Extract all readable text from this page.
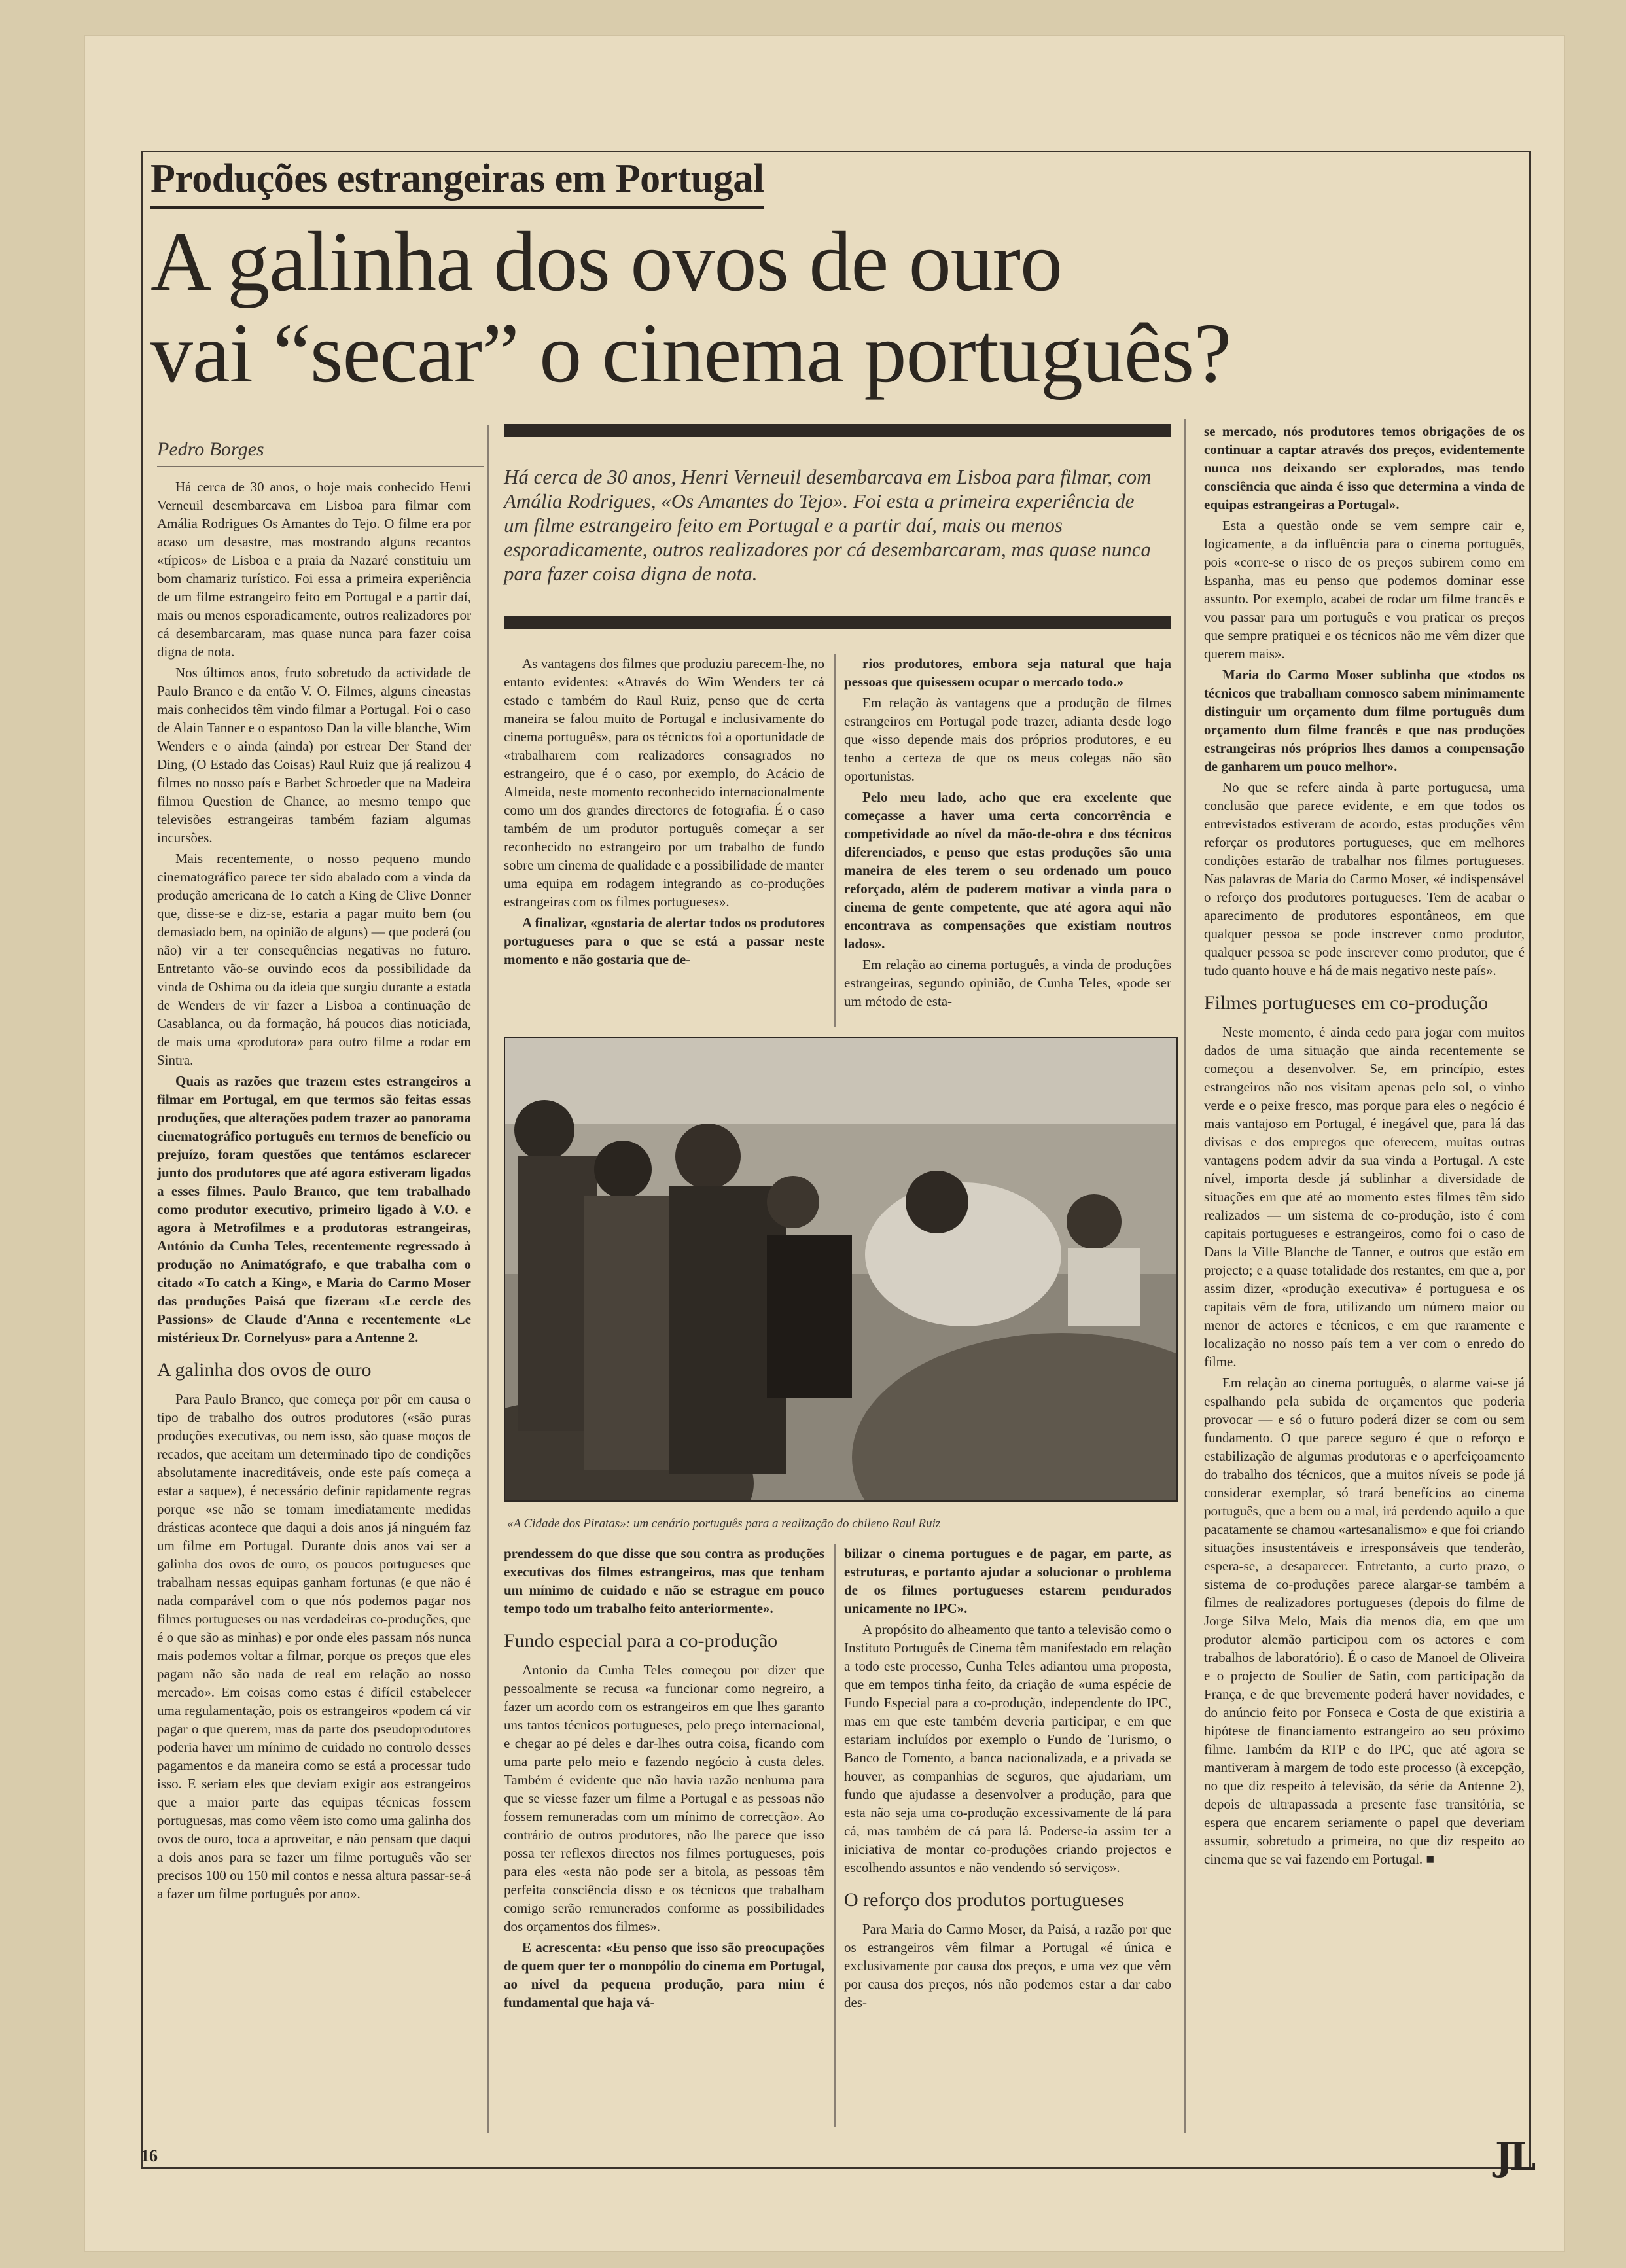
Produções estrangeiras em Portugal
A galinha dos ovos de ouro
vai “secar” o cinema português?
Pedro Borges

Há cerca de 30 anos, o hoje mais conhecido Henri Verneuil desembarcava em Lisboa para filmar com Amália Rodrigues Os Amantes do Tejo. O filme era por acaso um desastre, mas mostrando alguns recantos «típicos» de Lisboa e a praia da Nazaré constituiu um bom chamariz turístico. Foi essa a primeira experiência de um filme estrangeiro feito em Portugal e a partir daí, mais ou menos esporadicamente, outros realizadores por cá desembarcaram, mas quase nunca para fazer coisa digna de nota.

Nos últimos anos, fruto sobretudo da actividade de Paulo Branco e da então V. O. Filmes, alguns cineastas mais conhecidos têm vindo filmar a Portugal. Foi o caso de Alain Tanner e o espantoso Dan la ville blanche, Wim Wenders e o ainda (ainda) por estrear Der Stand der Ding, (O Estado das Coisas) Raul Ruiz que já realizou 4 filmes no nosso país e Barbet Schroeder que na Madeira filmou Question de Chance, ao mesmo tempo que televisões estrangeiras também faziam algumas incursões.

Mais recentemente, o nosso pequeno mundo cinematográfico parece ter sido abalado com a vinda da produção americana de To catch a King de Clive Donner que, disse-se e diz-se, estaria a pagar muito bem (ou demasiado bem, na opinião de alguns) — que poderá (ou não) vir a ter consequências negativas no futuro. Entretanto vão-se ouvindo ecos da possibilidade da vinda de Oshima ou da ideia que surgiu durante a estada de Wenders de vir fazer a Lisboa a continuação de Casablanca, ou da formação, há poucos dias noticiada, de mais uma «produtora» para outro filme a rodar em Sintra.

Quais as razões que trazem estes estrangeiros a filmar em Portugal, em que termos são feitas essas produções, que alterações podem trazer ao panorama cinematográfico português em termos de benefício ou prejuízo, foram questões que tentámos esclarecer junto dos produtores que até agora estiveram ligados a esses filmes. Paulo Branco, que tem trabalhado como produtor executivo, primeiro ligado à V.O. e agora à Metrofilmes e a produtoras estrangeiras, António da Cunha Teles, recentemente regressado à produção no Animatógrafo, e que trabalha com o citado «To catch a King», e Maria do Carmo Moser das produções Paisá que fizeram «Le cercle des Passions» de Claude d'Anna e recentemente «Le mistérieux Dr. Cornelyus» para a Antenne 2.

A galinha dos ovos de ouro

Para Paulo Branco, que começa por pôr em causa o tipo de trabalho dos outros produtores («são puras produções executivas, ou nem isso, são quase moços de recados, que aceitam um determinado tipo de condições absolutamente inacreditáveis, onde este país começa a estar a saque»), é necessário definir rapidamente regras porque «se não se tomam imediatamente medidas drásticas acontece que daqui a dois anos já ninguém faz um filme em Portugal. Durante dois anos vai ser a galinha dos ovos de ouro, os poucos portugueses que trabalham nessas equipas ganham fortunas (e que não é nada comparável com o que nós podemos pagar nos filmes portugueses ou nas verdadeiras co-produções, que é o que são as minhas) e por onde eles passam nós nunca mais podemos voltar a filmar, porque os preços que eles pagam não são nada de real em relação ao nosso mercado». Em coisas como estas é difícil estabelecer uma regulamentação, pois os estrangeiros «podem cá vir pagar o que querem, mas da parte dos pseudoprodutores poderia haver um mínimo de cuidado no controlo desses pagamentos e da maneira como se está a processar tudo isso. E seriam eles que deviam exigir aos estrangeiros que a maior parte das equipas técnicas fossem portuguesas, mas como vêem isto como uma galinha dos ovos de ouro, toca a aproveitar, e não pensam que daqui a dois anos para se fazer um filme português vão ser precisos 100 ou 150 mil contos e nessa altura passar-se-á a fazer um filme português por ano».

Há cerca de 30 anos, Henri Verneuil desembarcava em Lisboa para filmar, com Amália Rodrigues, «Os Amantes do Tejo». Foi esta a primeira experiência de um filme estrangeiro feito em Portugal e a partir daí, mais ou menos esporadicamente, outros realizadores por cá desembarcaram, mas quase nunca para fazer coisa digna de nota.

As vantagens dos filmes que produziu parecem-lhe, no entanto evidentes: «Através do Wim Wenders ter cá estado e também do Raul Ruiz, penso que de certa maneira se falou muito de Portugal e inclusivamente do cinema português», para os técnicos foi a oportunidade de «trabalharem com realizadores consagrados no estrangeiro, que é o caso, por exemplo, do Acácio de Almeida, neste momento reconhecido internacionalmente como um dos grandes directores de fotografia. É o caso também de um produtor português começar a ser reconhecido no estrangeiro por um trabalho de fundo sobre um cinema de qualidade e a possibilidade de manter uma equipa em rodagem integrando as co-produções estrangeiras com os filmes portugueses».

A finalizar, «gostaria de alertar todos os produtores portugueses para o que se está a passar neste momento e não gostaria que de-

rios produtores, embora seja natural que haja pessoas que quisessem ocupar o mercado todo.»

Em relação às vantagens que a produção de filmes estrangeiros em Portugal pode trazer, adianta desde logo que «isso depende mais dos próprios produtores, e eu tenho a certeza de que os meus colegas não são oportunistas.

Pelo meu lado, acho que era excelente que começasse a haver uma certa concorrência e competividade ao nível da mão-de-obra e dos técnicos diferenciados, e penso que estas produções são uma maneira de eles terem o seu ordenado um pouco reforçado, além de poderem motivar a vinda para o cinema de gente competente, que até agora aqui não encontrava as compensações que existiam noutros lados».

Em relação ao cinema português, a vinda de produções estrangeiras, segundo opinião, de Cunha Teles, «pode ser um método de esta-

«A Cidade dos Piratas»: um cenário português para a realização do chileno Raul Ruiz

prendessem do que disse que sou contra as produções executivas dos filmes estrangeiros, mas que tenham um mínimo de cuidado e não se estrague em pouco tempo todo um trabalho feito anteriormente».

Fundo especial para a co-produção

Antonio da Cunha Teles começou por dizer que pessoalmente se recusa «a funcionar como negreiro, a fazer um acordo com os estrangeiros em que lhes garanto uns tantos técnicos portugueses, pelo preço internacional, e chegar ao pé deles e dar-lhes outra coisa, ficando com uma parte pelo meio e fazendo negócio à custa deles. Também é evidente que não havia razão nenhuma para que se viesse fazer um filme a Portugal e as pessoas não fossem remuneradas com um mínimo de correcção». Ao contrário de outros produtores, não lhe parece que isso possa ter reflexos directos nos filmes portugueses, pois para eles «esta não pode ser a bitola, as pessoas têm perfeita consciência disso e os técnicos que trabalham comigo serão remunerados conforme as possibilidades dos orçamentos dos filmes».

E acrescenta: «Eu penso que isso são preocupações de quem quer ter o monopólio do cinema em Portugal, ao nível da pequena produção, para mim é fundamental que haja vá-

bilizar o cinema portugues e de pagar, em parte, as estruturas, e portanto ajudar a solucionar o problema de os filmes portugueses estarem pendurados unicamente no IPC».

A propósito do alheamento que tanto a televisão como o Instituto Português de Cinema têm manifestado em relação a todo este processo, Cunha Teles adiantou uma proposta, que em tempos tinha feito, da criação de «uma espécie de Fundo Especial para a co-produção, independente do IPC, mas em que este também deveria participar, e em que estariam incluídos por exemplo o Fundo de Turismo, o Banco de Fomento, a banca nacionalizada, e a privada se houver, as companhias de seguros, que ajudariam, um fundo que ajudasse a desenvolver a produção, para que esta não seja uma co-produção excessivamente de lá para cá, mas também de cá para lá. Poderse-ia assim ter a iniciativa de montar co-produções criando projectos e escolhendo assuntos e não vendendo só serviços».

O reforço dos produtos portugueses

Para Maria do Carmo Moser, da Paisá, a razão por que os estrangeiros vêm filmar a Portugal «é única e exclusivamente por causa dos preços, e uma vez que vêm por causa dos preços, nós não podemos estar a dar cabo des-

se mercado, nós produtores temos obrigações de os continuar a captar através dos preços, evidentemente nunca nos deixando ser explorados, mas tendo consciência que ainda é isso que determina a vinda de equipas estrangeiras a Portugal».

Esta a questão onde se vem sempre cair e, logicamente, a da influência para o cinema português, pois «corre-se o risco de os preços subirem como em Espanha, mas eu penso que podemos dominar esse assunto. Por exemplo, acabei de rodar um filme francês e vou passar para um português e vou praticar os preços que sempre pratiquei e os técnicos não me vêm dizer que querem mais».

Maria do Carmo Moser sublinha que «todos os técnicos que trabalham connosco sabem minimamente distinguir um orçamento dum filme português dum orçamento dum filme francês e que nas produções estrangeiras nós próprios lhes damos a compensação de ganharem um pouco melhor».

No que se refere ainda à parte portuguesa, uma conclusão que parece evidente, e em que todos os entrevistados estiveram de acordo, estas produções vêm reforçar os produtores portugueses, que em melhores condições estarão de trabalhar nos filmes portugueses. Nas palavras de Maria do Carmo Moser, «é indispensável o reforço dos produtores portugueses. Tem de acabar o aparecimento de produtores espontâneos, em que qualquer pessoa se pode inscrever como produtor, qualquer pessoa se pode inscrever como produtor, que é tudo quanto houve e há de mais negativo neste país».

Filmes portugueses em co-produção

Neste momento, é ainda cedo para jogar com muitos dados de uma situação que ainda recentemente se começou a desenvolver. Se, em princípio, estes estrangeiros não nos visitam apenas pelo sol, o vinho verde e o peixe fresco, mas porque para eles o negócio é mais vantajoso em Portugal, é inegável que, para lá das divisas e dos empregos que oferecem, muitas outras vantagens podem advir da sua vinda a Portugal. A este nível, importa desde já sublinhar a diversidade de situações em que até ao momento estes filmes têm sido realizados — um sistema de co-produção, isto é com capitais portugueses e estrangeiros, como foi o caso de Dans la Ville Blanche de Tanner, e outros que estão em projecto; e a quase totalidade dos restantes, em que a, por assim dizer, «produção executiva» é portuguesa e os capitais vêm de fora, utilizando um número maior ou menor de actores e técnicos, e em que raramente e localização no nosso país tem a ver com o enredo do filme.

Em relação ao cinema português, o alarme vai-se já espalhando pela subida de orçamentos que poderia provocar — e só o futuro poderá dizer se com ou sem fundamento. O que parece seguro é que o reforço e estabilização de algumas produtoras e o aperfeiçoamento do trabalho dos técnicos, que a muitos níveis se pode já considerar exemplar, só trará benefícios ao cinema português, que a bem ou a mal, irá perdendo aquilo a que pacatamente se chamou «artesanalismo» e que foi criando situações insustentáveis e irresponsáveis que tenderão, espera-se, a desaparecer. Entretanto, a curto prazo, o sistema de co-produções parece alargar-se também a filmes de realizadores portugueses (depois do filme de Jorge Silva Melo, Mais dia menos dia, em que um produtor alemão participou com os actores e com trabalhos de laboratório). É o caso de Manoel de Oliveira e o projecto de Soulier de Satin, com participação da França, e de que brevemente poderá haver novidades, e do anúncio feito por Fonseca e Costa de que existiria a hipótese de financiamento estrangeiro ao seu próximo filme. Também da RTP e do IPC, que até agora se mantiveram à margem de todo este processo (à excepção, no que diz respeito à televisão, da série da Antenne 2), depois de ultrapassada a presente fase transitória, se espera que encarem seriamente o papel que deveriam assumir, sobretudo a primeira, no que diz respeito ao cinema que se vai fazendo em Portugal. ■

16	JL
